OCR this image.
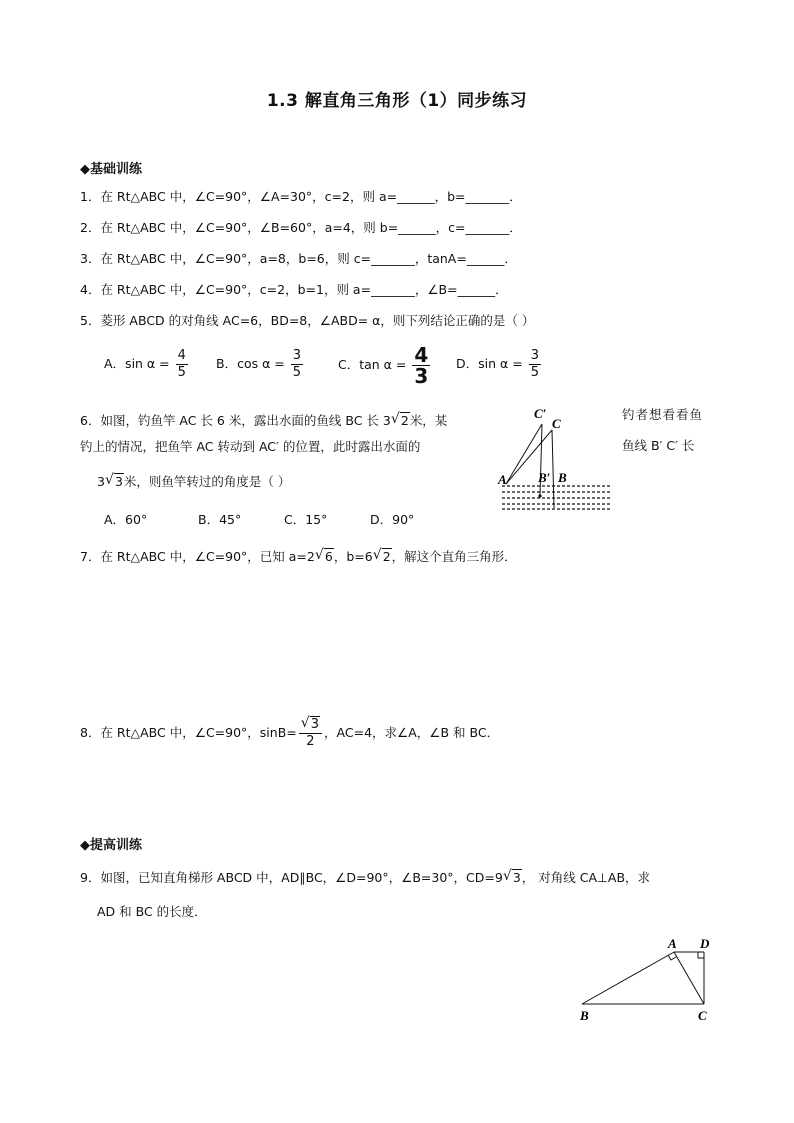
1.3 解直角三角形（1）同步练习
◆基础训练
1．在 Rt△ABC 中，∠C=90°，∠A=30°，c=2，则 a=______，b=_______．
2．在 Rt△ABC 中，∠C=90°，∠B=60°，a=4，则 b=______，c=_______．
3．在 Rt△ABC 中，∠C=90°，a=8，b=6，则 c=_______，tanA=______．
4．在 Rt△ABC 中，∠C=90°，c=2，b=1，则 a=_______，∠B=______．
5．菱形 ABCD 的对角线 AC=6，BD=8，∠ABD= α，则下列结论正确的是（ ）
A．$\sin \alpha = \frac{4}{5}$ B．$\cos \alpha = \frac{3}{5}$	C．$\tan \alpha = \frac{4}{3}$ D．$\sin \alpha = \frac{3}{5}$
6．如图，钓鱼竿 AC 长 6 米，露出水面的鱼线 BC 长 3 √ 2米，某
钓上的情况，把鱼竿 AC 转动到 AC′ 的位置，此时露出水面的
3 √ 3米，则鱼竿转过的角度是（ ）
钓者想看看鱼
鱼线 B′ C′ 长
A．60°	B．45°	C．15°	D．90°
C′
C
A B′ B
7．在 Rt△ABC 中，∠C=90°，已知 a=2 √ 6，b=6 √ 2，解这个直角三角形．
8．在 Rt△ABC 中，∠C=90°，sinB= √ $\frac{3}{2}$ ，AC=4，求∠A，∠B 和 BC．
◆提高训练
9．如图，已知直角梯形 ABCD 中，AD∥BC，∠D=90°，∠B=30°，CD=9 √ 3， 对角线 CA⊥AB，求
AD 和 BC 的长度．
A D
B	C
